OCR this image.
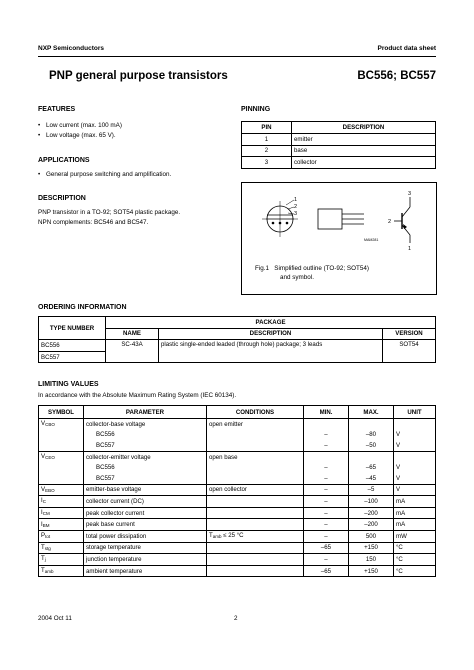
NXP Semiconductors	Product data sheet
PNP general purpose transistors	BC556; BC557
FEATURES
• Low current (max. 100 mA)
• Low voltage (max. 65 V).
APPLICATIONS
• General purpose switching and amplification.
DESCRIPTION
PNP transistor in a TO-92; SOT54 plastic package.
NPN complements: BC546 and BC547.
PINNING
PIN	DESCRIPTION
1	emitter
2	base
3	collector
1
2
3
MAM281
3
2
1
Fig.1 Simplified outline (TO-92; SOT54)
and symbol.
ORDERING INFORMATION
TYPE NUMBER	PACKAGE		
	NAME	DESCRIPTION	VERSION
BC556	SC-43A	plastic single-ended leaded (through hole) package; 3 leads	SOT54
BC557			
LIMITING VALUES
In accordance with the Absolute Maximum Rating System (IEC 60134).
SYMBOL	PARAMETER	CONDITIONS	MIN.	MAX.	UNIT
$V_{CBO}$	collector-base voltage	open emitter			
	BC556		–	–80	V
	BC557		–	–50	V
$V_{CEO}$	collector-emitter voltage	open base			
	BC556		–	–65	V
	BC557		–	–45	V
$V_{EBO}$	emitter-base voltage	open collector	–	–5	V
$I_C$	collector current (DC)		–	–100	mA
$I_{CM}$	peak collector current		–	–200	mA
$I_{BM}$	peak base current		–	–200	mA
$P_{tot}$	total power dissipation	$T_{amb} \le 25$ °C	–	500	mW
$T_{stg}$	storage temperature		–65	+150	°C
$T_j$	junction temperature		–	150	°C
$T_{amb}$	ambient temperature		–65	+150	°C
2004 Oct 11	2
